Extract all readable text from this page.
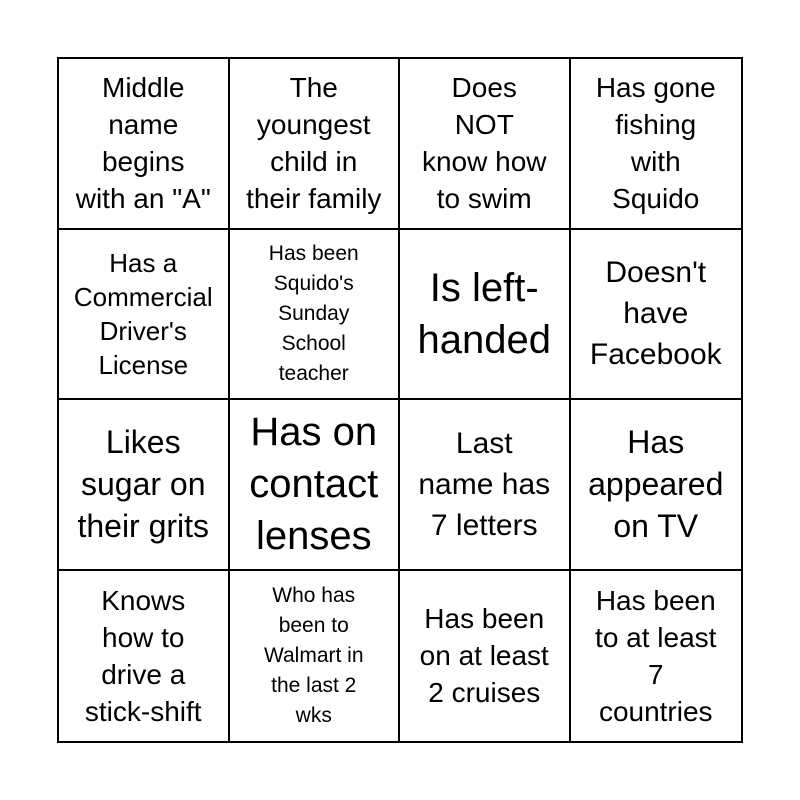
Middle
name
begins
with an "A"
The
youngest
child in
their family
Does
NOT
know how
to swim
Has gone
fishing
with
Squido
Has a
Commercial
Driver's
License
Has been
Squido's
Sunday
School
teacher
Is left-
handed
Doesn't
have
Facebook
Likes
sugar on
their grits
Has on
contact
lenses
Last
name has
7 letters
Has
appeared
on TV
Knows
how to
drive a
stick-shift
Who has
been to
Walmart in
the last 2
wks
Has been
on at least
2 cruises
Has been
to at least
7
countries
